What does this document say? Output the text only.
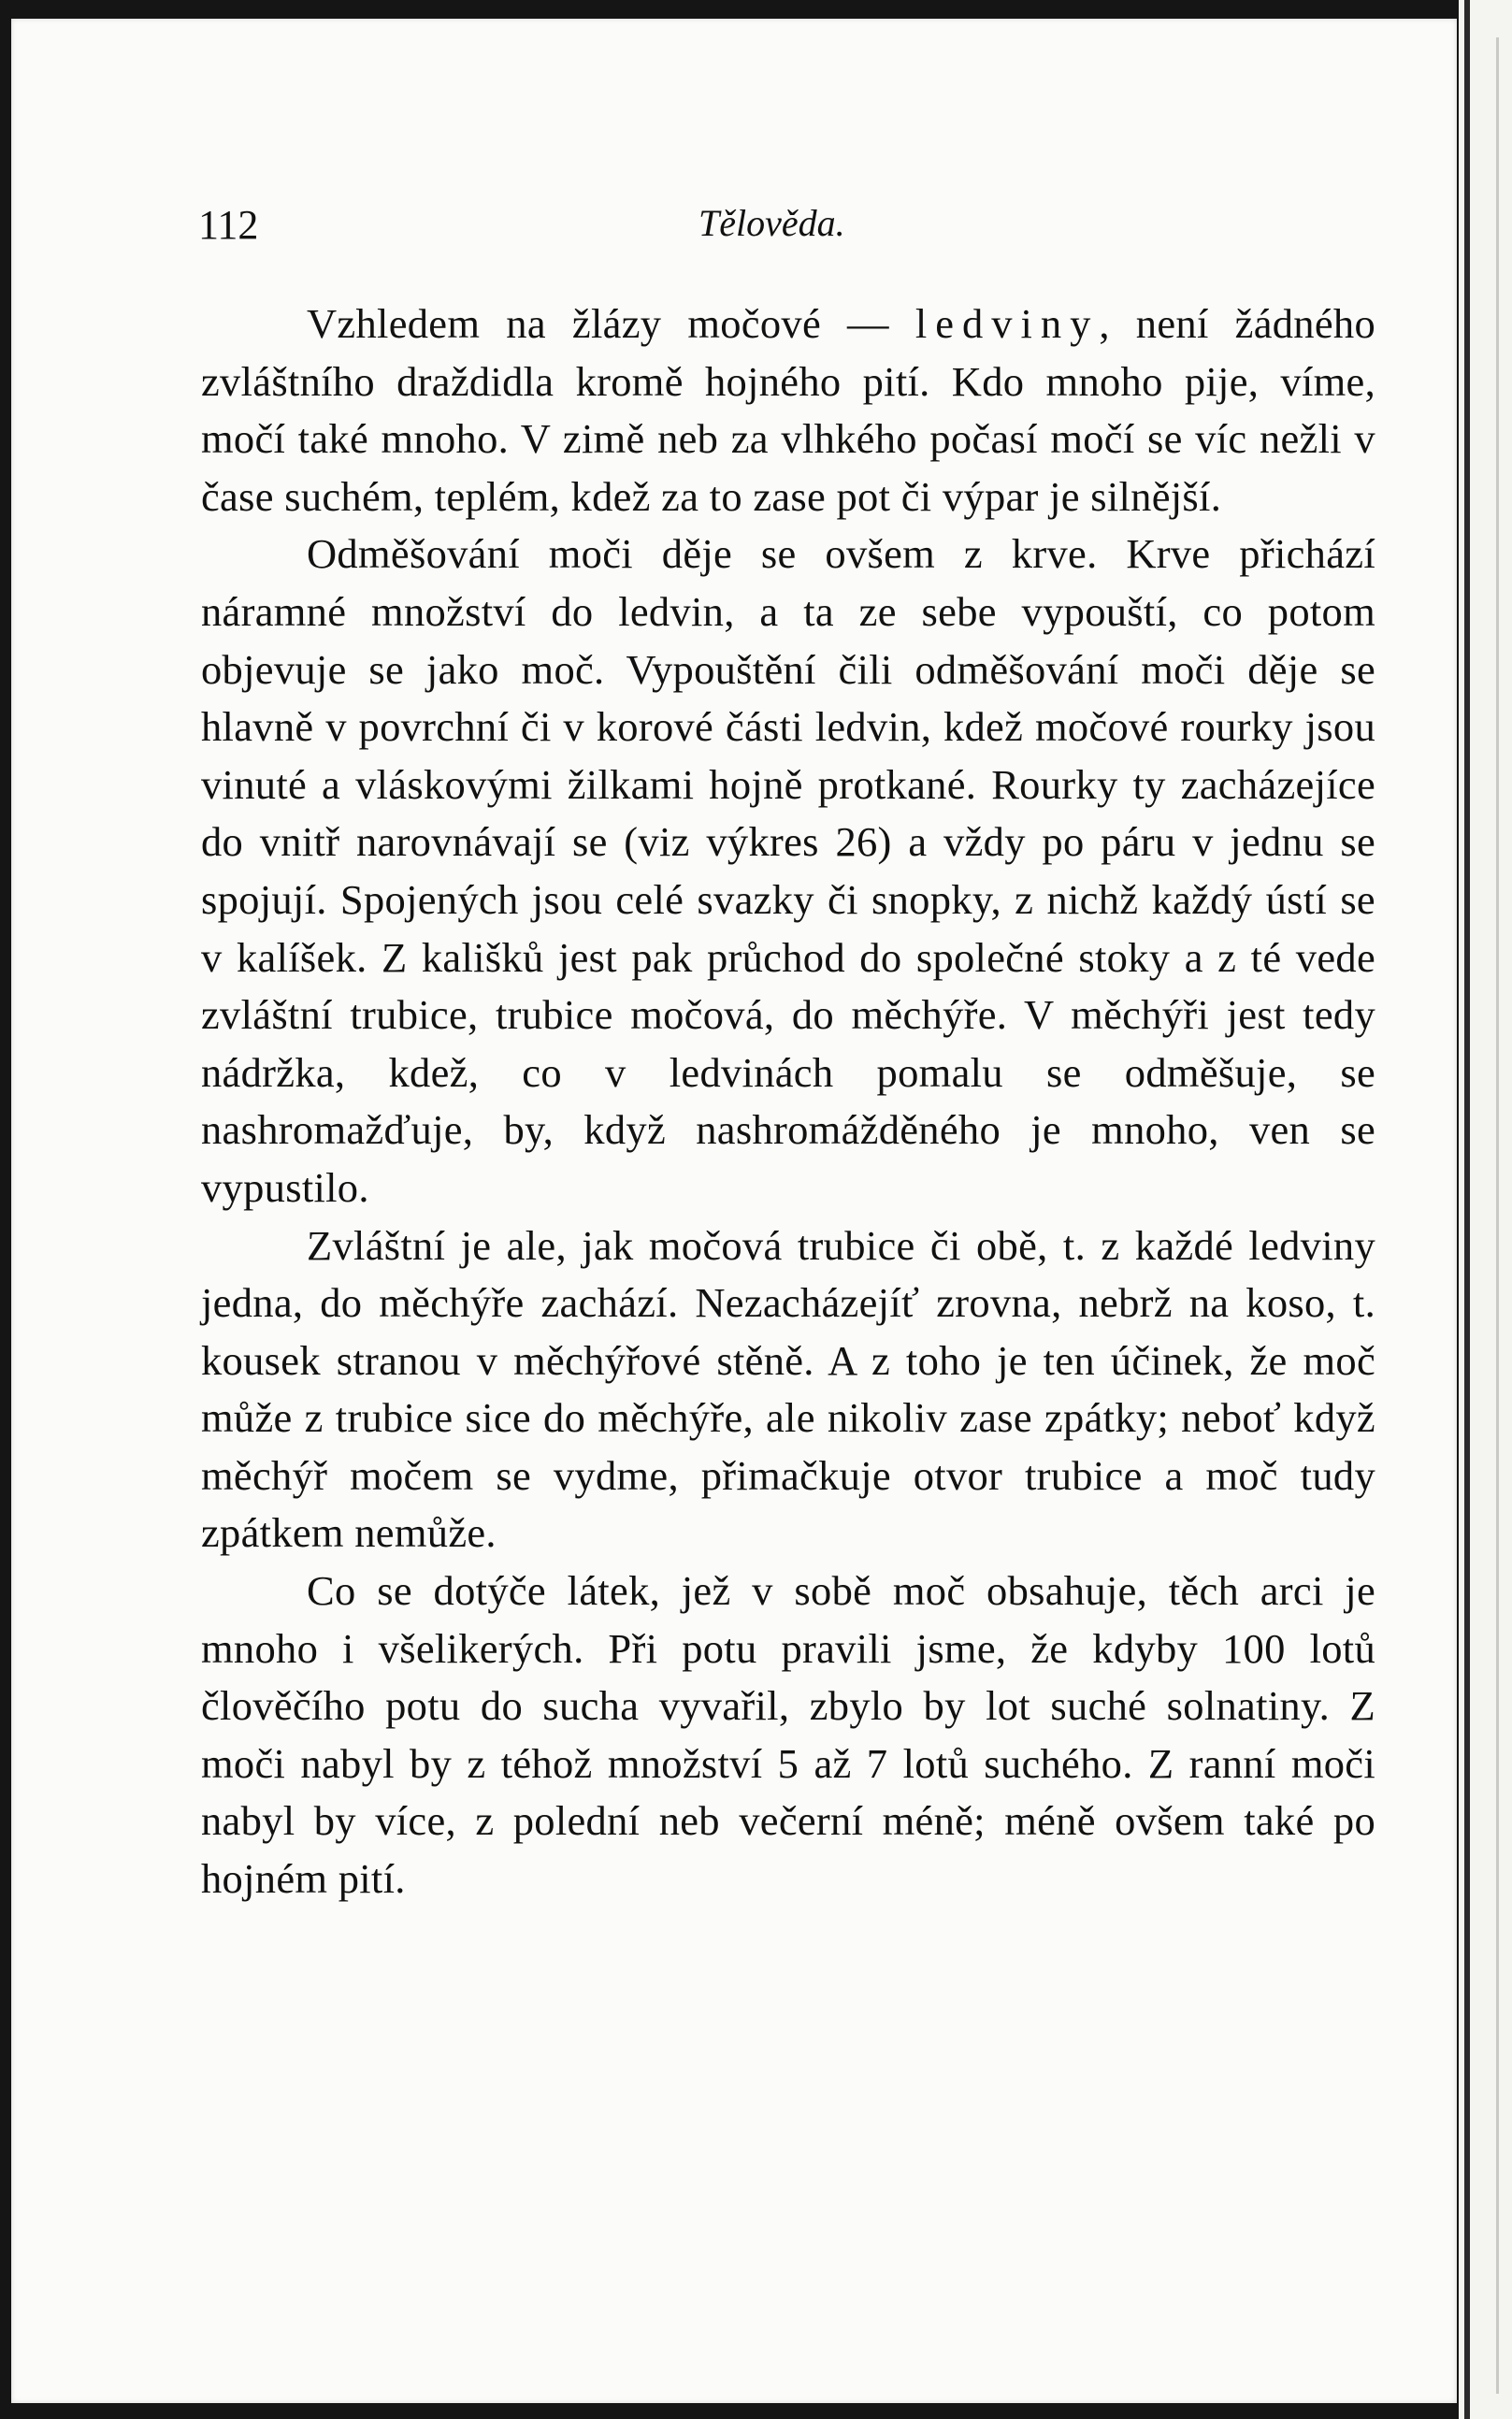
112	Tělověda.

Vzhledem na žlázy močové — ledviny, není žádného zvláštního draždidla kromě hojného pití. Kdo mnoho pije, víme, močí také mnoho. V zimě neb za vlhkého počasí močí se víc nežli v čase suchém, teplém, kdež za to zase pot či výpar je silnější.

Odměšování moči děje se ovšem z krve. Krve přichází náramné množství do ledvin, a ta ze sebe vypouští, co potom objevuje se jako moč. Vypouštění čili odměšování moči děje se hlavně v povrchní či v korové části ledvin, kdež močové rourky jsou vinuté a vláskovými žilkami hojně protkané. Rourky ty zacházejíce do vnitř narovnávají se (viz výkres 26) a vždy po páru v jednu se spojují. Spojených jsou celé svazky či snopky, z nichž každý ústí se v kalíšek. Z kališků jest pak průchod do společné stoky a z té vede zvláštní trubice, trubice močová, do měchýře. V měchýři jest tedy nádržka, kdež, co v ledvinách pomalu se odměšuje, se nashromažďuje, by, když nashromážděného je mnoho, ven se vypustilo.

Zvláštní je ale, jak močová trubice či obě, t. z každé ledviny jedna, do měchýře zachází. Nezacházejíť zrovna, nebrž na koso, t. kousek stranou v měchýřové stěně. A z toho je ten účinek, že moč může z trubice sice do měchýře, ale nikoliv zase zpátky; neboť když měchýř močem se vydme, přimačkuje otvor trubice a moč tudy zpátkem nemůže.

Co se dotýče látek, jež v sobě moč obsahuje, těch arci je mnoho i všelikerých. Při potu pravili jsme, že kdyby 100 lotů člověčího potu do sucha vyvařil, zbylo by lot suché solnatiny. Z moči nabyl by z téhož množství 5 až 7 lotů suchého. Z ranní moči nabyl by více, z polední neb večerní méně; méně ovšem také po hojném pití.
